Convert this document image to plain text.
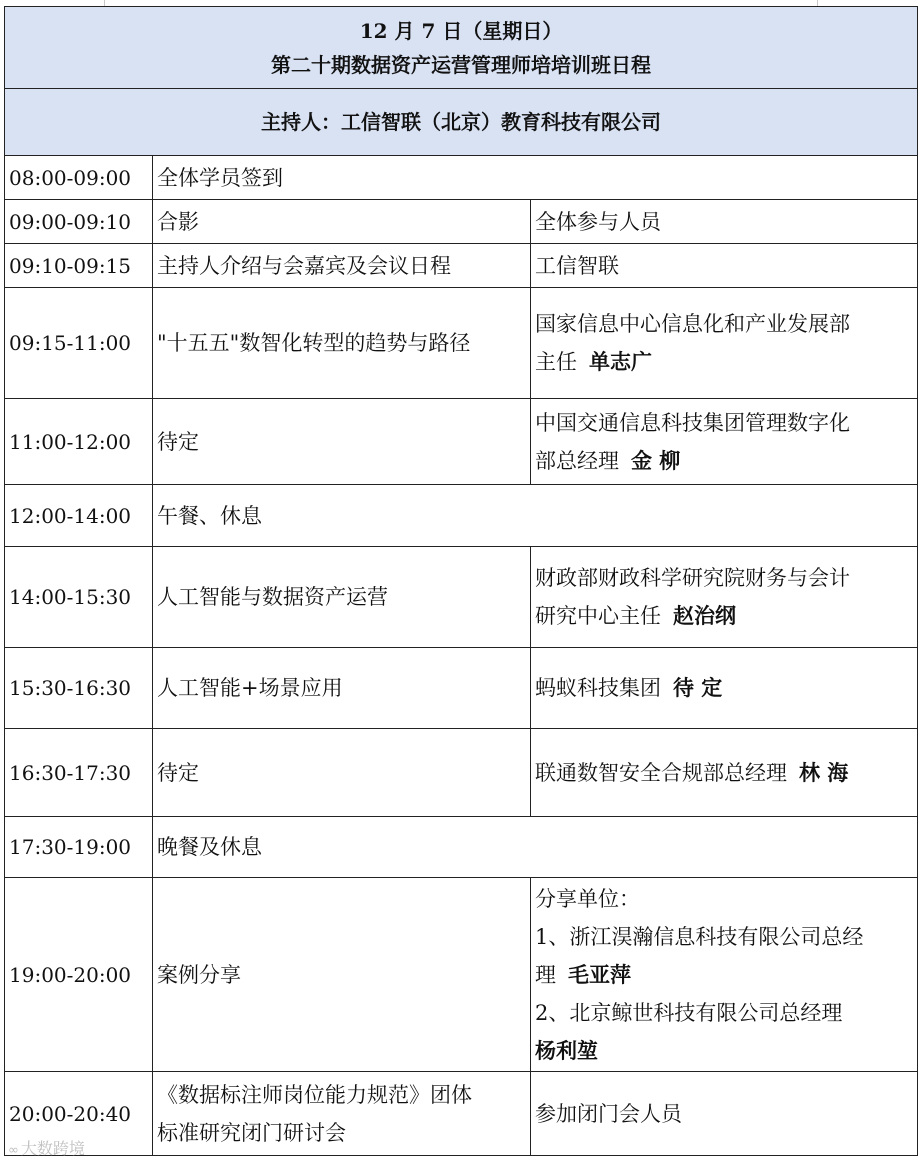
12 月 7 日（星期日）
第二十期数据资产运营管理师培培训班日程		

主持人：工信智联（北京）教育科技有限公司		
08:00-09:00	全体学员签到	
09:00-09:10	合影	全体参与人员
09:10-09:15	主持人介绍与会嘉宾及会议日程	工信智联
09:15-11:00	"十五五"数智化转型的趋势与路径	国家信息中心信息化和产业发展部
主任 单志广

11:00-12:00	待定	中国交通信息科技集团管理数字化
部总经理 金 柳

12:00-14:00	午餐、休息	
14:00-15:30	人工智能与数据资产运营	财政部财政科学研究院财务与会计
研究中心主任 赵治纲

15:30-16:30	人工智能+场景应用	蚂蚁科技集团 待 定
16:30-17:30	待定	联通数智安全合规部总经理 林 海
17:30-19:00	晚餐及休息	
19:00-20:00	案例分享	分享单位：
1、浙江淏瀚信息科技有限公司总经
理 毛亚萍
2、北京鲸世科技有限公司总经理
杨利堃

20:00-20:40	《数据标注师岗位能力规范》团体
标准研究闭门研讨会	参加闭门会人员
∞ 大数跨境
